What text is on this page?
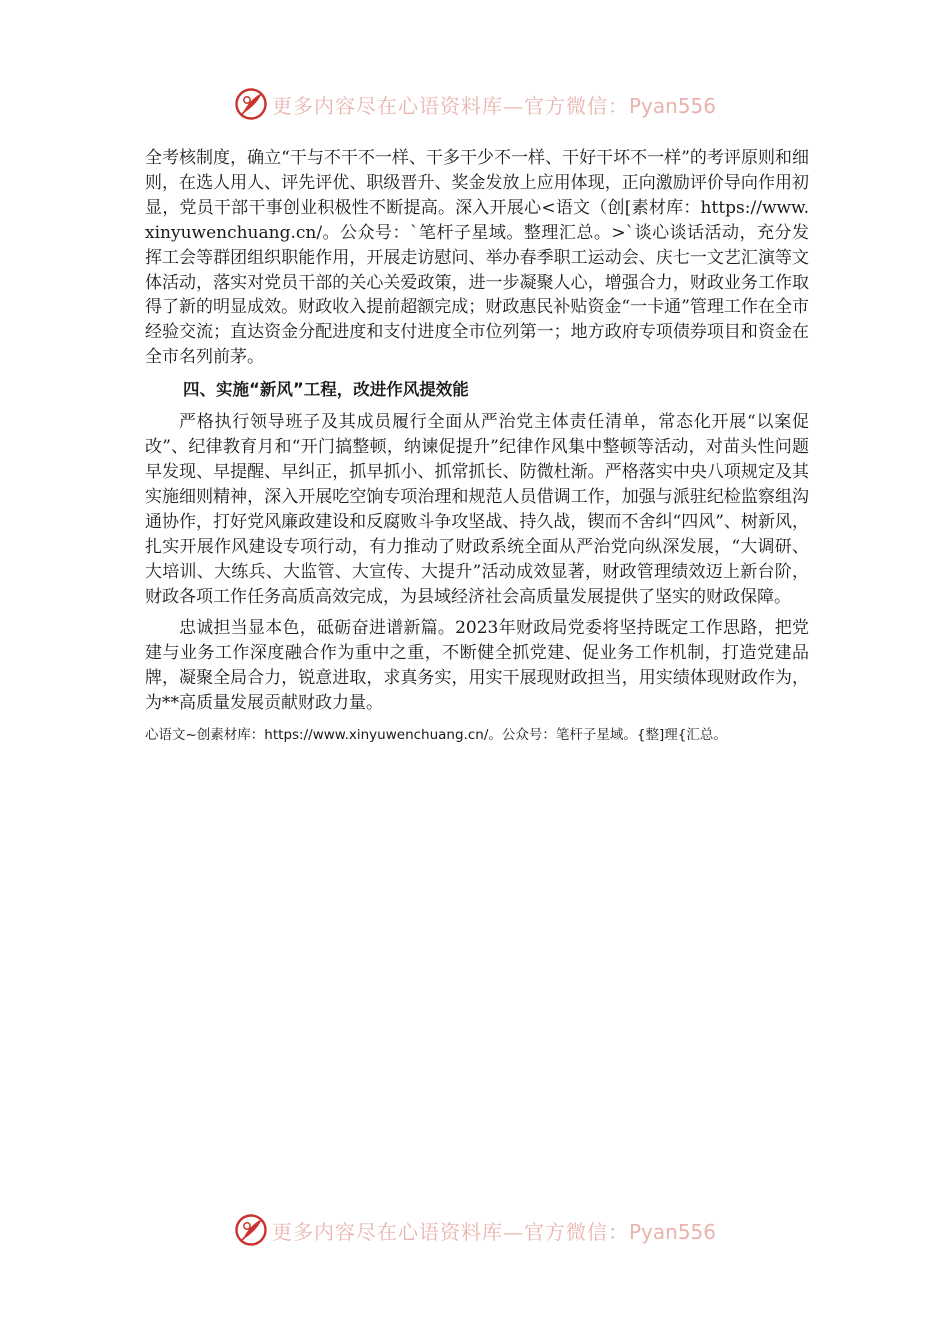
更多内容尽在心语资料库—官方微信：Pyan556

全考核制度，确立“干与不干不一样、干多干少不一样、干好干坏不一样”的考评原则和细则，在选人用人、评先评优、职级晋升、奖金发放上应用体现，正向激励评价导向作用初显，党员干部干事创业积极性不断提高。深入开展心<语文（创[素材库：https://www.xinyuwenchuang.cn/。公众号：`笔杆子星域。整理汇总。>`谈心谈话活动，充分发挥工会等群团组织职能作用，开展走访慰问、举办春季职工运动会、庆七一文艺汇演等文体活动，落实对党员干部的关心关爱政策，进一步凝聚人心，增强合力，财政业务工作取得了新的明显成效。财政收入提前超额完成；财政惠民补贴资金“一卡通”管理工作在全市经验交流；直达资金分配进度和支付进度全市位列第一；地方政府专项债券项目和资金在全市名列前茅。

四、实施“新风”工程，改进作风提效能

严格执行领导班子及其成员履行全面从严治党主体责任清单，常态化开展“以案促改”、纪律教育月和“开门搞整顿，纳谏促提升”纪律作风集中整顿等活动，对苗头性问题早发现、早提醒、早纠正，抓早抓小、抓常抓长、防微杜渐。严格落实中央八项规定及其实施细则精神，深入开展吃空饷专项治理和规范人员借调工作，加强与派驻纪检监察组沟通协作，打好党风廉政建设和反腐败斗争攻坚战、持久战，锲而不舍纠“四风”、树新风，扎实开展作风建设专项行动，有力推动了财政系统全面从严治党向纵深发展，“大调研、大培训、大练兵、大监管、大宣传、大提升”活动成效显著，财政管理绩效迈上新台阶，财政各项工作任务高质高效完成，为县域经济社会高质量发展提供了坚实的财政保障。

忠诚担当显本色，砥砺奋进谱新篇。2023年财政局党委将坚持既定工作思路，把党建与业务工作深度融合作为重中之重，不断健全抓党建、促业务工作机制，打造党建品牌，凝聚全局合力，锐意进取，求真务实，用实干展现财政担当，用实绩体现财政作为，为**高质量发展贡献财政力量。

心语文~创素材库：https://www.xinyuwenchuang.cn/。公众号：笔杆子星域。{整]理{汇总。

更多内容尽在心语资料库—官方微信：Pyan556
